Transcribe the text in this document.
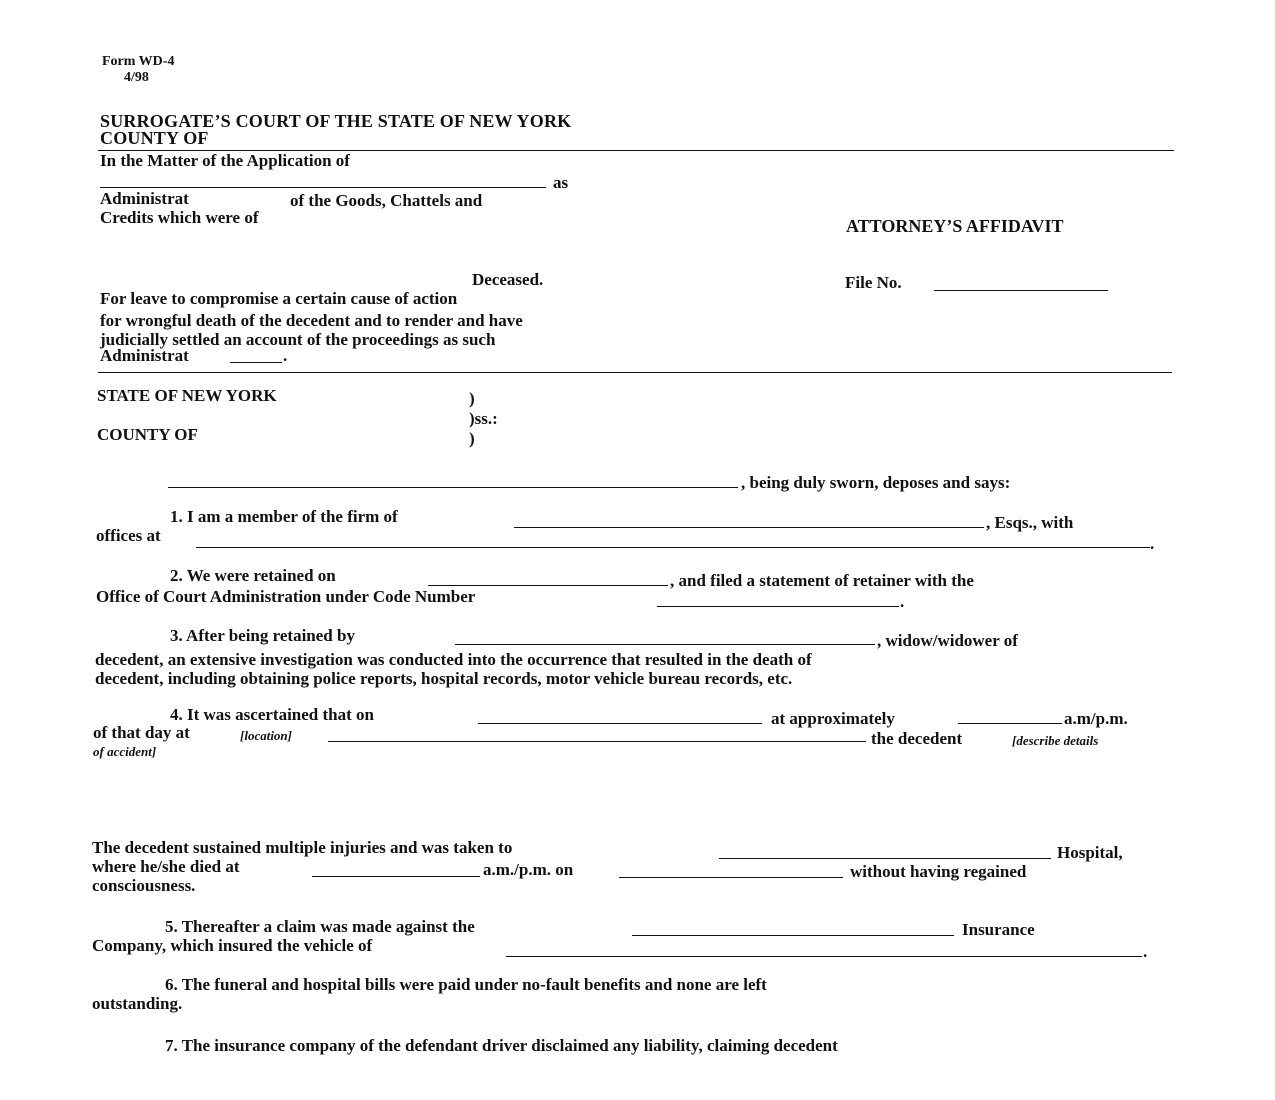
Form WD-4
4/98
SURROGATE’S COURT OF THE STATE OF NEW YORK
COUNTY OF
In the Matter of the Application of
as
Administrat	of the Goods, Chattels and
Credits which were of	ATTORNEY’S AFFIDAVIT
Deceased.	File No.
For leave to compromise a certain cause of action
for wrongful death of the decedent and to render and have
judicially settled an account of the proceedings as such
Administrat	.
STATE OF NEW YORK	)
)ss.:
COUNTY OF	)
, being duly sworn, deposes and says:
1. I am a member of the firm of	, Esqs., with
offices at	.
2. We were retained on	, and filed a statement of retainer with the
Office of Court Administration under Code Number	.
3. After being retained by	, widow/widower of
decedent, an extensive investigation was conducted into the occurrence that resulted in the death of
decedent, including obtaining police reports, hospital records, motor vehicle bureau records, etc.
4. It was ascertained that on	at approximately	a.m/p.m.
of that day at	[location]	the decedent	[describe details
of accident]
The decedent sustained multiple injuries and was taken to	Hospital,
where he/she died at	a.m./p.m. on	without having regained
consciousness.
5. Thereafter a claim was made against the	Insurance
Company, which insured the vehicle of	.
6. The funeral and hospital bills were paid under no-fault benefits and none are left
outstanding.
7. The insurance company of the defendant driver disclaimed any liability, claiming decedent
